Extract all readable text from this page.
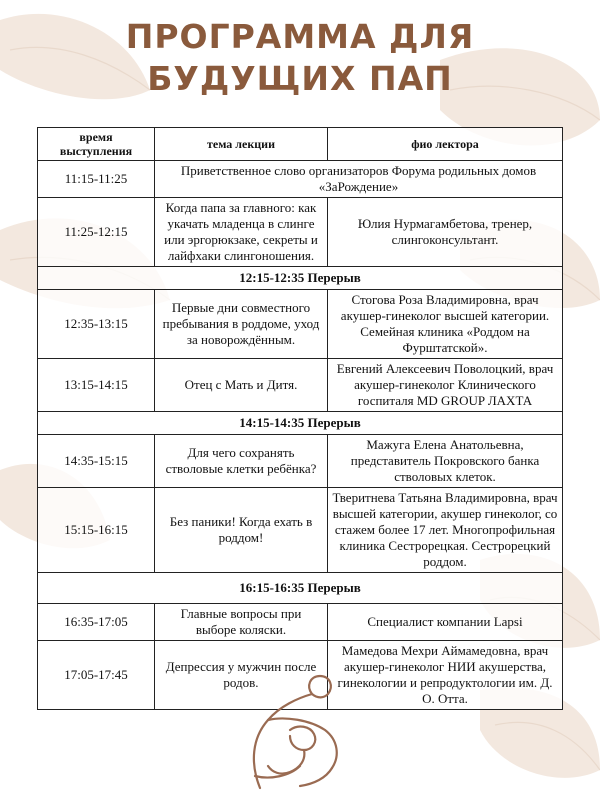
ПРОГРАММА ДЛЯ
БУДУЩИХ ПАП
время выступления	тема лекции	фио лектора
11:15-11:25	Приветственное слово организаторов Форума родильных домов «ЗаРождение»	
11:25-12:15	Когда папа за главного: как укачать младенца в слинге или эргорюкзаке, секреты и лайфхаки слингоношения.	Юлия Нурмагамбетова, тренер, слингоконсультант.
12:15-12:35 Перерыв		
12:35-13:15	Первые дни совместного пребывания в роддоме, уход за новорождённым.	Стогова Роза Владимировна, врач акушер-гинеколог высшей категории. Семейная клиника «Роддом на Фурштатской».
13:15-14:15	Отец с Мать и Дитя.	Евгений Алексеевич Поволоцкий, врач акушер-гинеколог Клинического госпиталя MD GROUP ЛАХТА
14:15-14:35 Перерыв		
14:35-15:15	Для чего сохранять стволовые клетки ребёнка?	Мажуга Елена Анатольевна, представитель Покровского банка стволовых клеток.
15:15-16:15	Без паники! Когда ехать в роддом!	Тверитнева Татьяна Владимировна, врач высшей категории, акушер гинеколог, со стажем более 17 лет. Многопрофильная клиника Сестрорецкая. Сестрорецкий роддом.
16:15-16:35 Перерыв		
16:35-17:05	Главные вопросы при выборе коляски.	Специалист компании Lapsi
17:05-17:45	Депрессия у мужчин после родов.	Мамедова Мехри Аймамедовна, врач акушер-гинеколог НИИ акушерства, гинекологии и репродуктологии им. Д. О. Отта.
